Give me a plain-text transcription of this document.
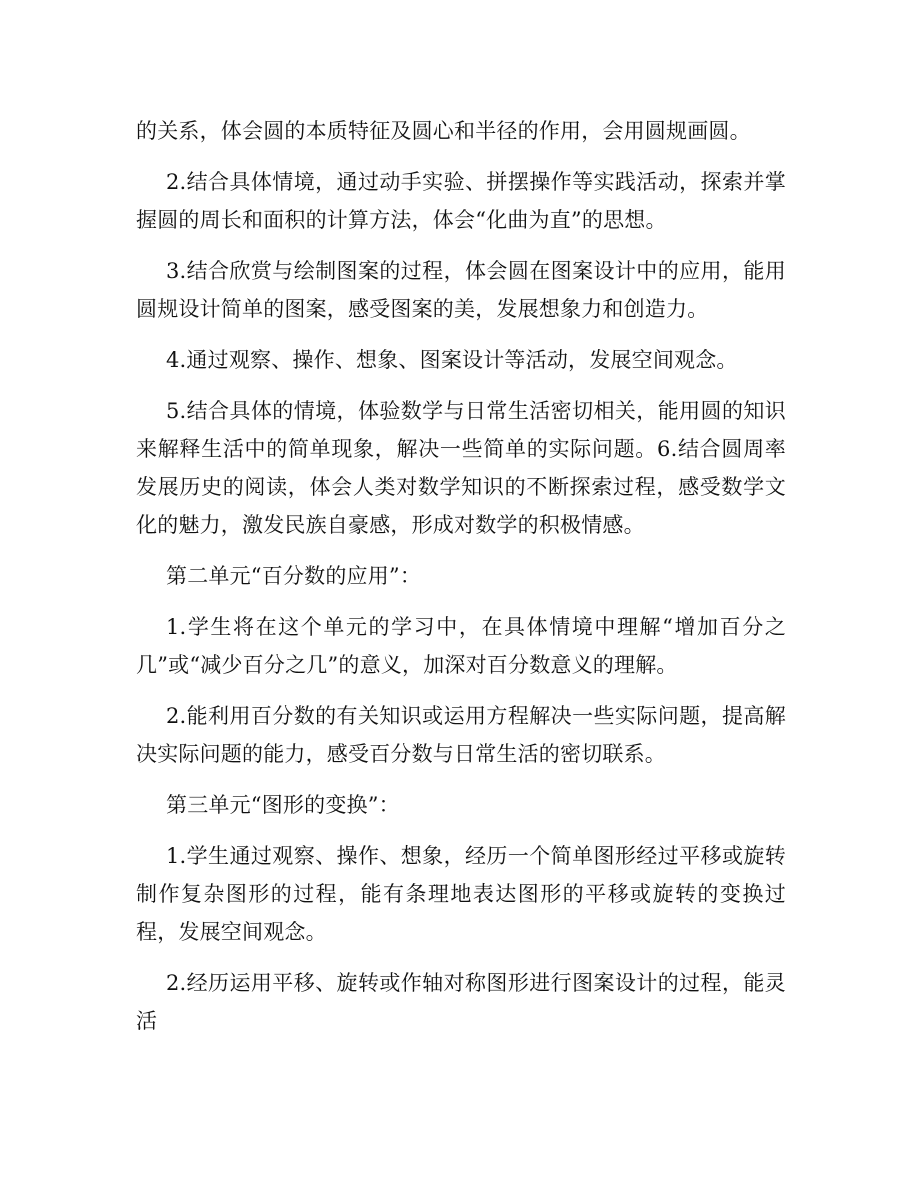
的关系，体会圆的本质特征及圆心和半径的作用，会用圆规画圆。

2.结合具体情境，通过动手实验、拼摆操作等实践活动，探索并掌握圆的周长和面积的计算方法，体会“化曲为直”的思想。

3.结合欣赏与绘制图案的过程，体会圆在图案设计中的应用，能用圆规设计简单的图案，感受图案的美，发展想象力和创造力。

4.通过观察、操作、想象、图案设计等活动，发展空间观念。

5.结合具体的情境，体验数学与日常生活密切相关，能用圆的知识来解释生活中的简单现象，解决一些简单的实际问题。6.结合圆周率发展历史的阅读，体会人类对数学知识的不断探索过程，感受数学文化的魅力，激发民族自豪感，形成对数学的积极情感。

第二单元“百分数的应用”：

1.学生将在这个单元的学习中，在具体情境中理解“增加百分之几”或“减少百分之几”的意义，加深对百分数意义的理解。

2.能利用百分数的有关知识或运用方程解决一些实际问题，提高解决实际问题的能力，感受百分数与日常生活的密切联系。

第三单元“图形的变换”：

1.学生通过观察、操作、想象，经历一个简单图形经过平移或旋转制作复杂图形的过程，能有条理地表达图形的平移或旋转的变换过程，发展空间观念。

2.经历运用平移、旋转或作轴对称图形进行图案设计的过程，能灵活
